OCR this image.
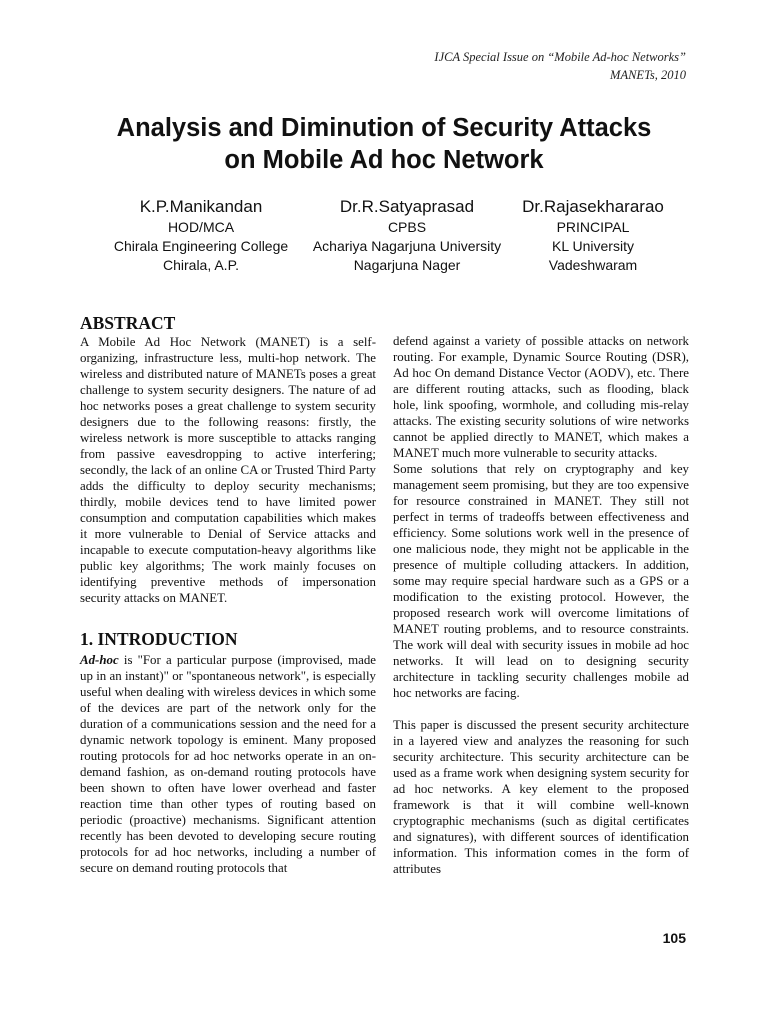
IJCA Special Issue on “Mobile Ad-hoc Networks”
MANETs, 2010
Analysis and Diminution of Security Attacks
on Mobile Ad hoc Network
K.P.Manikandan
HOD/MCA
Chirala Engineering College
Chirala, A.P.
Dr.R.Satyaprasad
CPBS
Achariya Nagarjuna University
Nagarjuna Nager
Dr.Rajasekhararao
PRINCIPAL
KL University
Vadeshwaram
ABSTRACT

A Mobile Ad Hoc Network (MANET) is a self-organizing, infrastructure less, multi-hop network. The wireless and distributed nature of MANETs poses a great challenge to system security designers. The nature of ad hoc networks poses a great challenge to system security designers due to the following reasons: firstly, the wireless network is more susceptible to attacks ranging from passive eavesdropping to active interfering; secondly, the lack of an online CA or Trusted Third Party adds the difficulty to deploy security mechanisms; thirdly, mobile devices tend to have limited power consumption and computation capabilities which makes it more vulnerable to Denial of Service attacks and incapable to execute computation-heavy algorithms like public key algorithms; The work mainly focuses on identifying preventive methods of impersonation security attacks on MANET.

1. INTRODUCTION

Ad-hoc is "For a particular purpose (improvised, made up in an instant)" or "spontaneous network", is especially useful when dealing with wireless devices in which some of the devices are part of the network only for the duration of a communications session and the need for a dynamic network topology is eminent. Many proposed routing protocols for ad hoc networks operate in an on-demand fashion, as on-demand routing protocols have been shown to often have lower overhead and faster reaction time than other types of routing based on periodic (proactive) mechanisms. Significant attention recently has been devoted to developing secure routing protocols for ad hoc networks, including a number of secure on demand routing protocols that

defend against a variety of possible attacks on network routing. For example, Dynamic Source Routing (DSR), Ad hoc On demand Distance Vector (AODV), etc. There are different routing attacks, such as flooding, black hole, link spoofing, wormhole, and colluding mis-relay attacks. The existing security solutions of wire networks cannot be applied directly to MANET, which makes a MANET much more vulnerable to security attacks.

Some solutions that rely on cryptography and key management seem promising, but they are too expensive for resource constrained in MANET. They still not perfect in terms of tradeoffs between effectiveness and efficiency. Some solutions work well in the presence of one malicious node, they might not be applicable in the presence of multiple colluding attackers. In addition, some may require special hardware such as a GPS or a modification to the existing protocol. However, the proposed research work will overcome limitations of MANET routing problems, and to resource constraints. The work will deal with security issues in mobile ad hoc networks. It will lead on to designing security architecture in tackling security challenges mobile ad hoc networks are facing.

This paper is discussed the present security architecture in a layered view and analyzes the reasoning for such security architecture. This security architecture can be used as a frame work when designing system security for ad hoc networks. A key element to the proposed framework is that it will combine well-known cryptographic mechanisms (such as digital certificates and signatures), with different sources of identification information. This information comes in the form of attributes

105
